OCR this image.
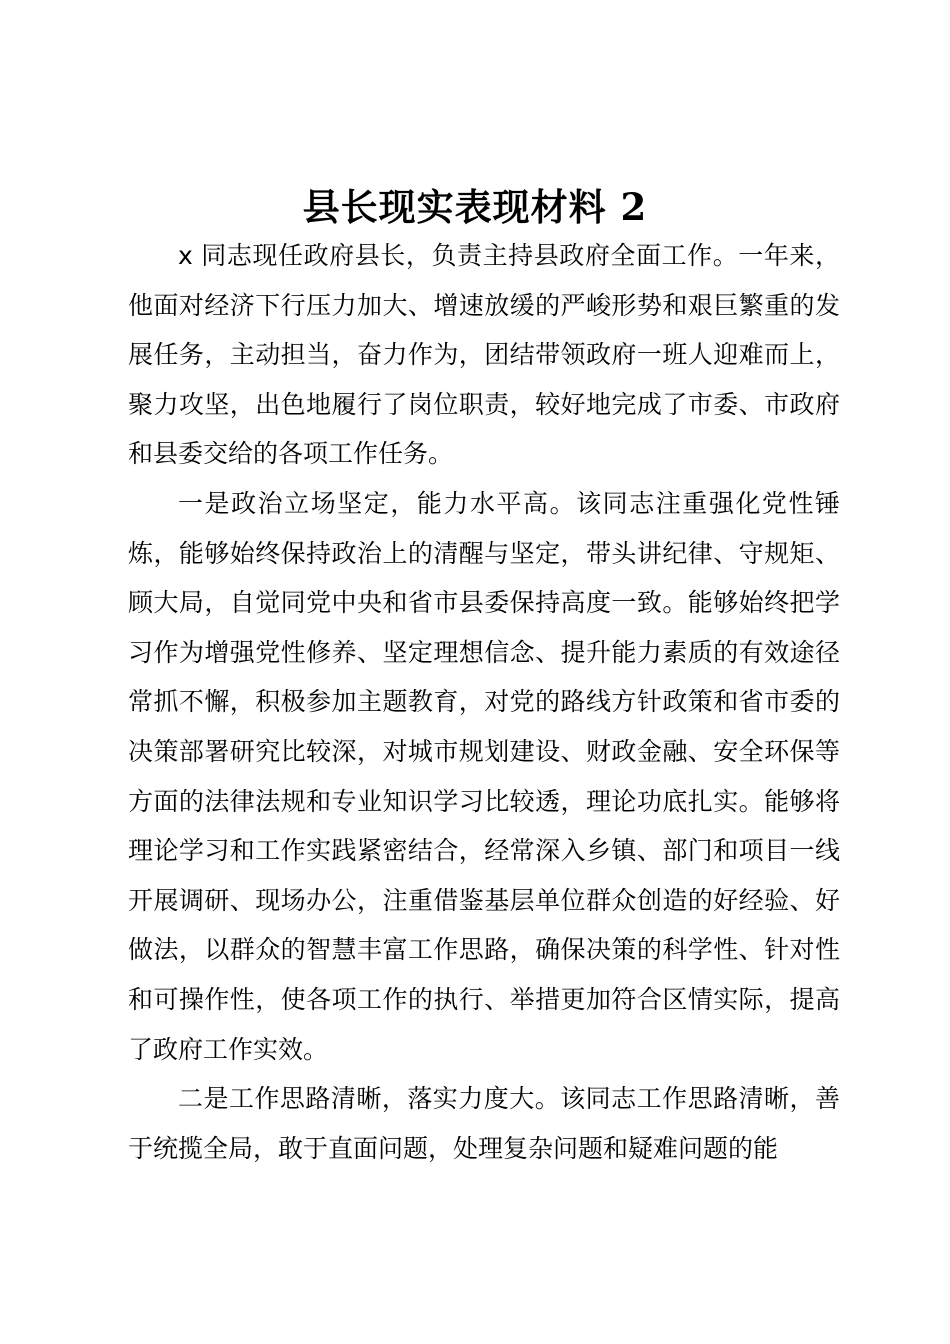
县长现实表现材料 2

x 同志现任政府县长，负责主持县政府全面工作。一年来，他面对经济下行压力加大、增速放缓的严峻形势和艰巨繁重的发展任务，主动担当，奋力作为，团结带领政府一班人迎难而上，聚力攻坚，出色地履行了岗位职责，较好地完成了市委、市政府和县委交给的各项工作任务。

一是政治立场坚定，能力水平高。该同志注重强化党性锤炼，能够始终保持政治上的清醒与坚定，带头讲纪律、守规矩、顾大局，自觉同党中央和省市县委保持高度一致。能够始终把学习作为增强党性修养、坚定理想信念、提升能力素质的有效途径常抓不懈，积极参加主题教育，对党的路线方针政策和省市委的决策部署研究比较深，对城市规划建设、财政金融、安全环保等方面的法律法规和专业知识学习比较透，理论功底扎实。能够将理论学习和工作实践紧密结合，经常深入乡镇、部门和项目一线开展调研、现场办公，注重借鉴基层单位群众创造的好经验、好做法，以群众的智慧丰富工作思路，确保决策的科学性、针对性和可操作性，使各项工作的执行、举措更加符合区情实际，提高了政府工作实效。

二是工作思路清晰，落实力度大。该同志工作思路清晰，善于统揽全局，敢于直面问题，处理复杂问题和疑难问题的能
